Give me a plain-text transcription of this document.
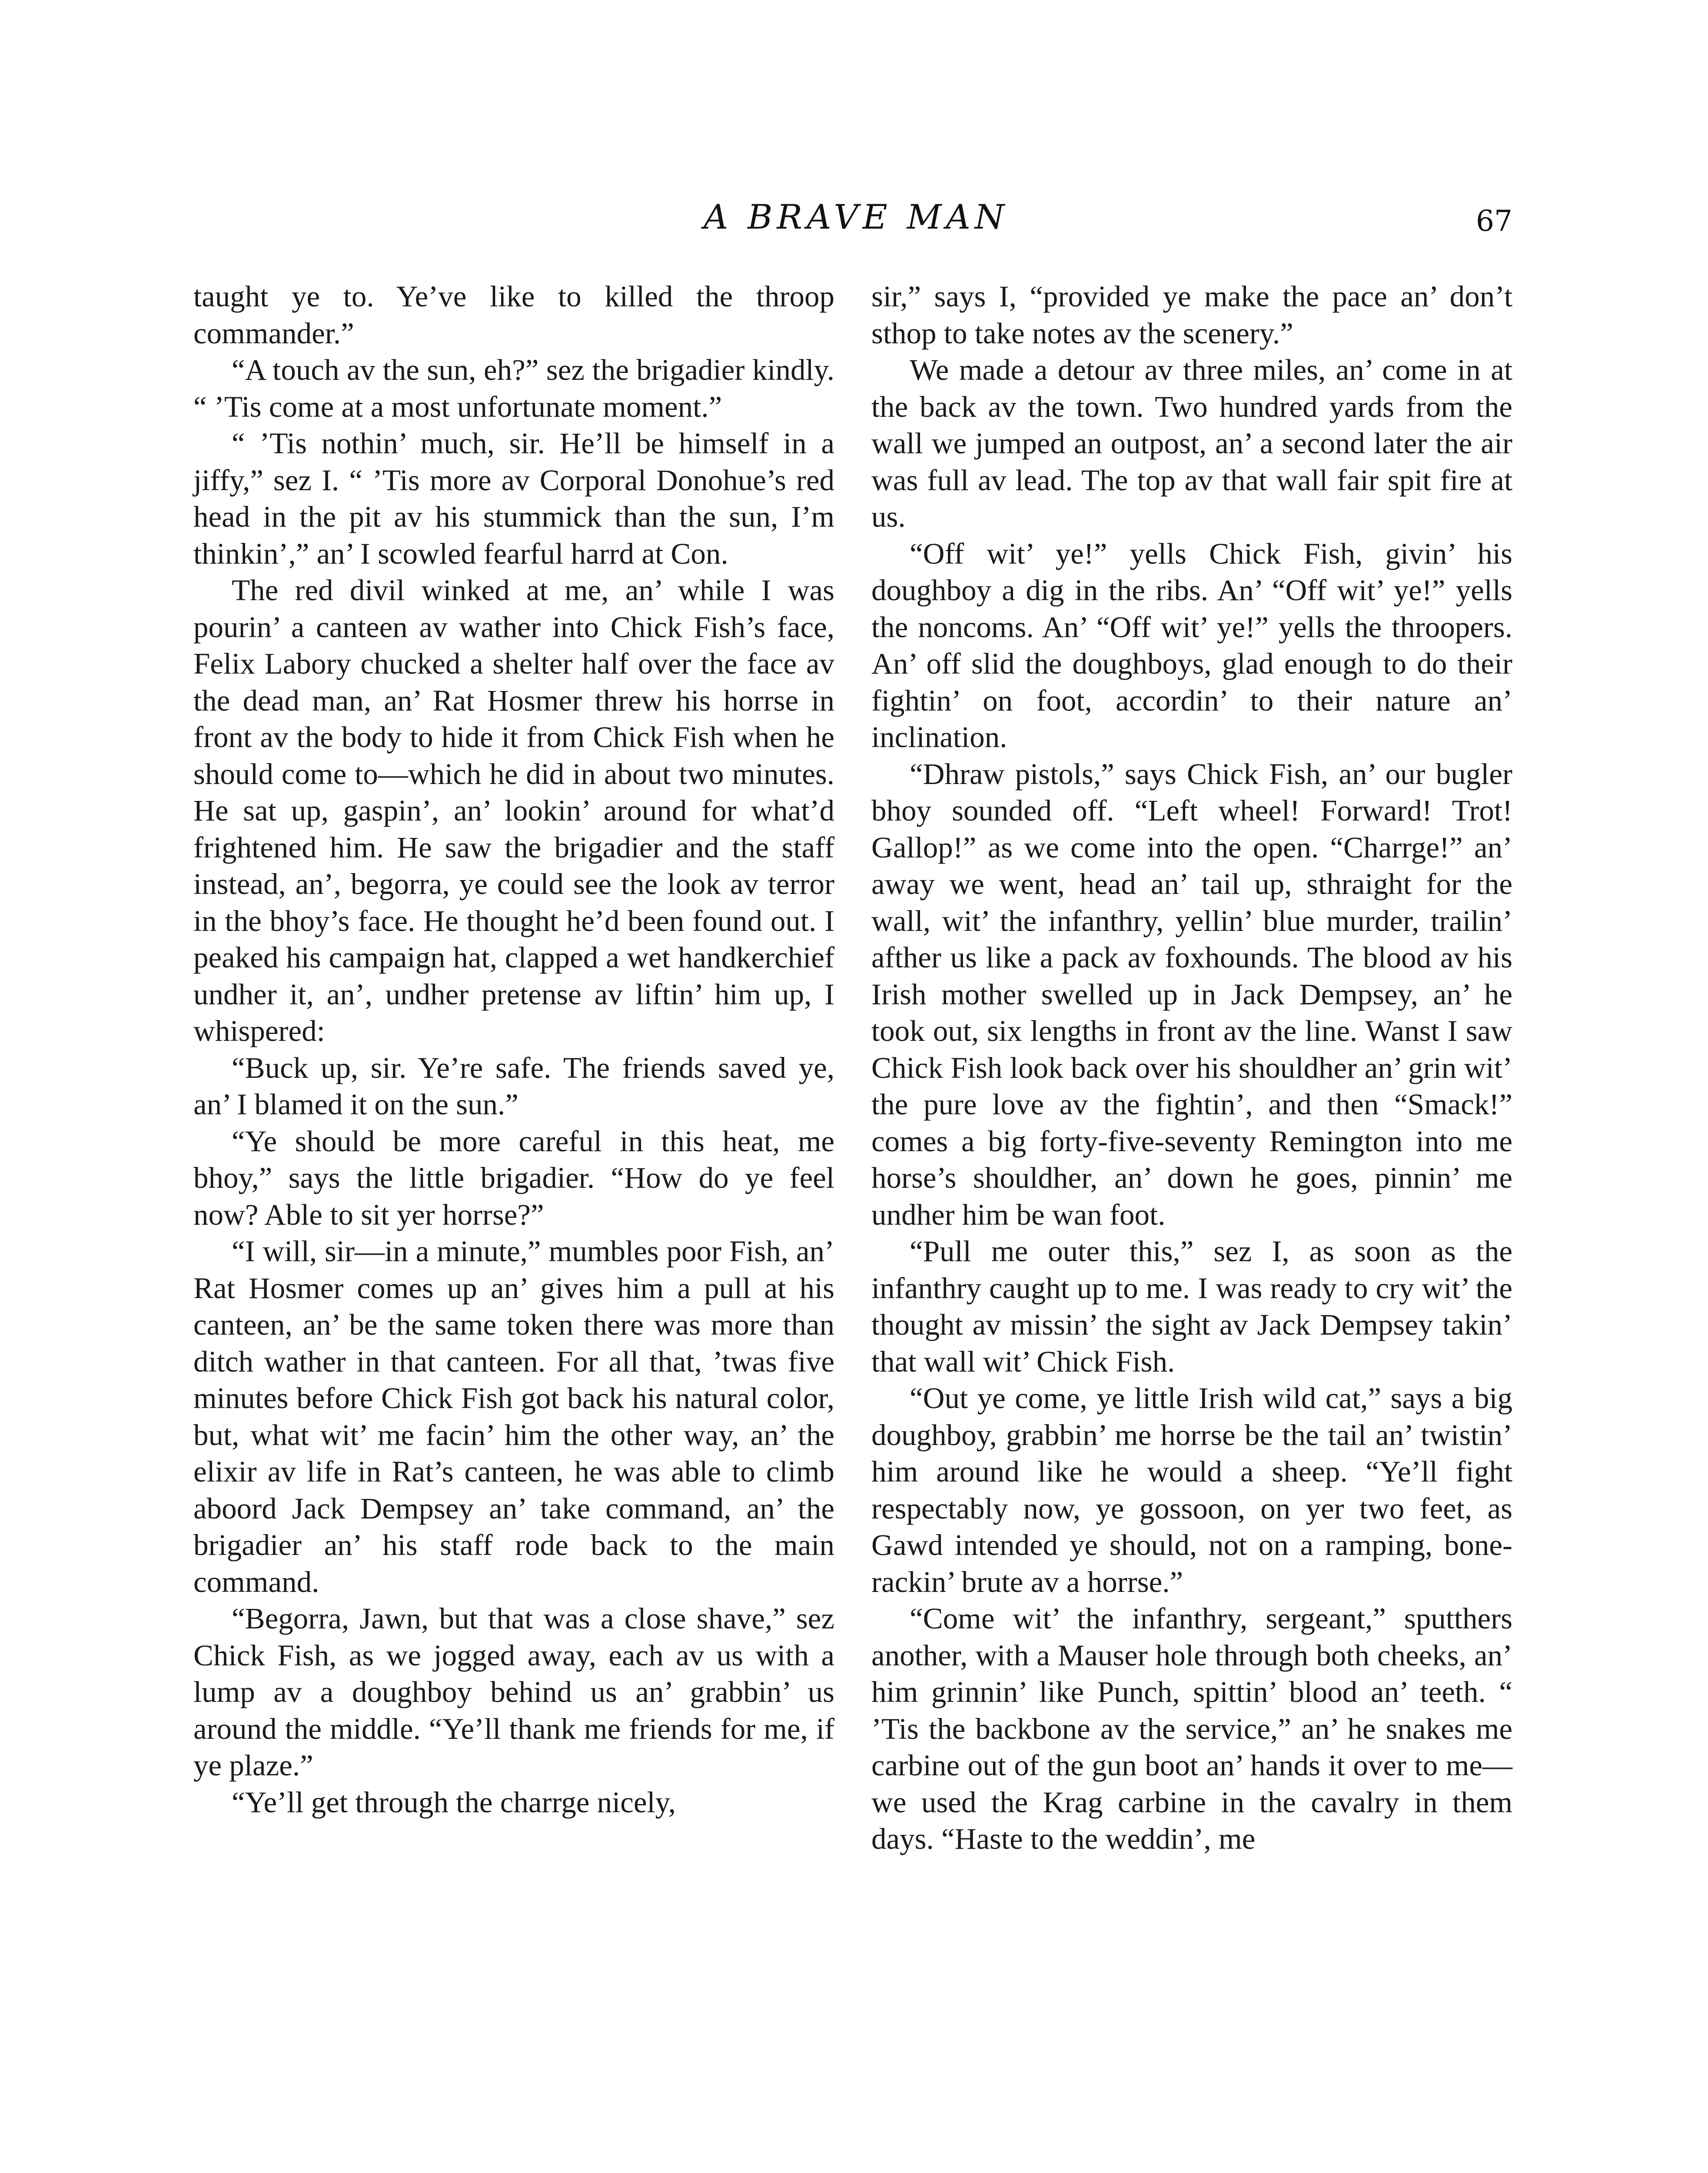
A BRAVE MAN	67

taught ye to. Ye’ve like to killed the throop commander.”

“A touch av the sun, eh?” sez the brigadier kindly. “ ’Tis come at a most unfortunate moment.”

“ ’Tis nothin’ much, sir. He’ll be himself in a jiffy,” sez I. “ ’Tis more av Corporal Donohue’s red head in the pit av his stummick than the sun, I’m thinkin’,” an’ I scowled fearful harrd at Con.

The red divil winked at me, an’ while I was pourin’ a canteen av wather into Chick Fish’s face, Felix Labory chucked a shelter half over the face av the dead man, an’ Rat Hosmer threw his horrse in front av the body to hide it from Chick Fish when he should come to—which he did in about two minutes. He sat up, gaspin’, an’ lookin’ around for what’d frightened him. He saw the brigadier and the staff instead, an’, begorra, ye could see the look av terror in the bhoy’s face. He thought he’d been found out. I peaked his campaign hat, clapped a wet handkerchief undher it, an’, undher pretense av liftin’ him up, I whispered:

“Buck up, sir. Ye’re safe. The friends saved ye, an’ I blamed it on the sun.”

“Ye should be more careful in this heat, me bhoy,” says the little brigadier. “How do ye feel now? Able to sit yer horrse?”

“I will, sir—in a minute,” mumbles poor Fish, an’ Rat Hosmer comes up an’ gives him a pull at his canteen, an’ be the same token there was more than ditch wather in that canteen. For all that, ’twas five minutes before Chick Fish got back his natural color, but, what wit’ me facin’ him the other way, an’ the elixir av life in Rat’s canteen, he was able to climb aboord Jack Dempsey an’ take command, an’ the brigadier an’ his staff rode back to the main command.

“Begorra, Jawn, but that was a close shave,” sez Chick Fish, as we jogged away, each av us with a lump av a doughboy behind us an’ grabbin’ us around the middle. “Ye’ll thank me friends for me, if ye plaze.”

“Ye’ll get through the charrge nicely,

sir,” says I, “provided ye make the pace an’ don’t sthop to take notes av the scenery.”

We made a detour av three miles, an’ come in at the back av the town. Two hundred yards from the wall we jumped an outpost, an’ a second later the air was full av lead. The top av that wall fair spit fire at us.

“Off wit’ ye!” yells Chick Fish, givin’ his doughboy a dig in the ribs. An’ “Off wit’ ye!” yells the noncoms. An’ “Off wit’ ye!” yells the throopers. An’ off slid the doughboys, glad enough to do their fightin’ on foot, accordin’ to their nature an’ inclination.

“Dhraw pistols,” says Chick Fish, an’ our bugler bhoy sounded off. “Left wheel! Forward! Trot! Gallop!” as we come into the open. “Charrge!” an’ away we went, head an’ tail up, sthraight for the wall, wit’ the infanthry, yellin’ blue murder, trailin’ afther us like a pack av foxhounds. The blood av his Irish mother swelled up in Jack Dempsey, an’ he took out, six lengths in front av the line. Wanst I saw Chick Fish look back over his shouldher an’ grin wit’ the pure love av the fightin’, and then “Smack!” comes a big forty-five-seventy Remington into me horse’s shouldher, an’ down he goes, pinnin’ me undher him be wan foot.

“Pull me outer this,” sez I, as soon as the infanthry caught up to me. I was ready to cry wit’ the thought av missin’ the sight av Jack Dempsey takin’ that wall wit’ Chick Fish.

“Out ye come, ye little Irish wild cat,” says a big doughboy, grabbin’ me horrse be the tail an’ twistin’ him around like he would a sheep. “Ye’ll fight respectably now, ye gossoon, on yer two feet, as Gawd intended ye should, not on a ramping, bone-rackin’ brute av a horrse.”

“Come wit’ the infanthry, sergeant,” sputthers another, with a Mauser hole through both cheeks, an’ him grinnin’ like Punch, spittin’ blood an’ teeth. “ ’Tis the backbone av the service,” an’ he snakes me carbine out of the gun boot an’ hands it over to me—we used the Krag carbine in the cavalry in them days. “Haste to the weddin’, me
